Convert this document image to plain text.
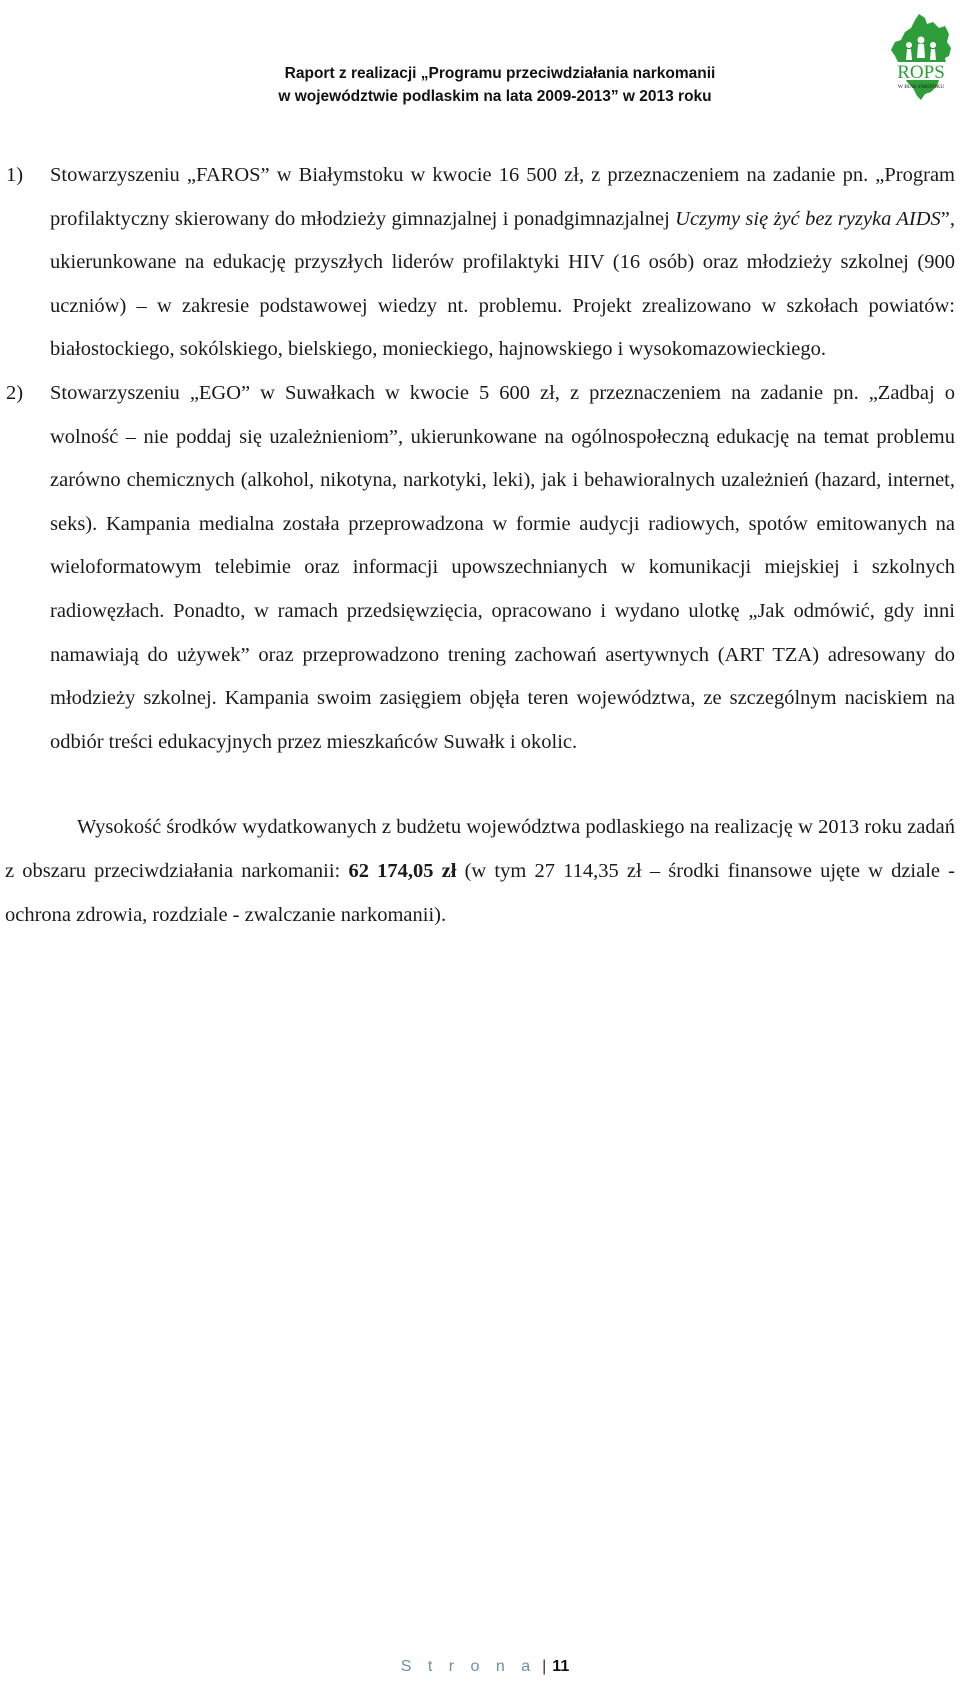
Raport z realizacji „Programu przeciwdziałania narkomanii
w województwie podlaskim na lata 2009-2013” w 2013 roku
ROPS
W BIAŁYMSTOKU

1) Stowarzyszeniu „FAROS” w Białymstoku w kwocie 16 500 zł, z przeznaczeniem na zadanie pn. „Program profilaktyczny skierowany do młodzieży gimnazjalnej i ponadgimnazjalnej Uczymy się żyć bez ryzyka AIDS”, ukierunkowane na edukację przyszłych liderów profilaktyki HIV (16 osób) oraz młodzieży szkolnej (900 uczniów) – w zakresie podstawowej wiedzy nt. problemu. Projekt zrealizowano w szkołach powiatów: białostockiego, sokólskiego, bielskiego, monieckiego, hajnowskiego i wysokomazowieckiego.

2) Stowarzyszeniu „EGO” w Suwałkach w kwocie 5 600 zł, z przeznaczeniem na zadanie pn. „Zadbaj o wolność – nie poddaj się uzależnieniom”, ukierunkowane na ogólnospołeczną edukację na temat problemu zarówno chemicznych (alkohol, nikotyna, narkotyki, leki), jak i behawioralnych uzależnień (hazard, internet, seks). Kampania medialna została przeprowadzona w formie audycji radiowych, spotów emitowanych na wieloformatowym telebimie oraz informacji upowszechnianych w komunikacji miejskiej i szkolnych radiowęzłach. Ponadto, w ramach przedsięwzięcia, opracowano i wydano ulotkę „Jak odmówić, gdy inni namawiają do używek” oraz przeprowadzono trening zachowań asertywnych (ART TZA) adresowany do młodzieży szkolnej. Kampania swoim zasięgiem objęła teren województwa, ze szczególnym naciskiem na odbiór treści edukacyjnych przez mieszkańców Suwałk i okolic.

Wysokość środków wydatkowanych z budżetu województwa podlaskiego na realizację w 2013 roku zadań z obszaru przeciwdziałania narkomanii: 62 174,05 zł (w tym 27 114,35 zł – środki finansowe ujęte w dziale - ochrona zdrowia, rozdziale - zwalczanie narkomanii).

S t r o n a | 11
